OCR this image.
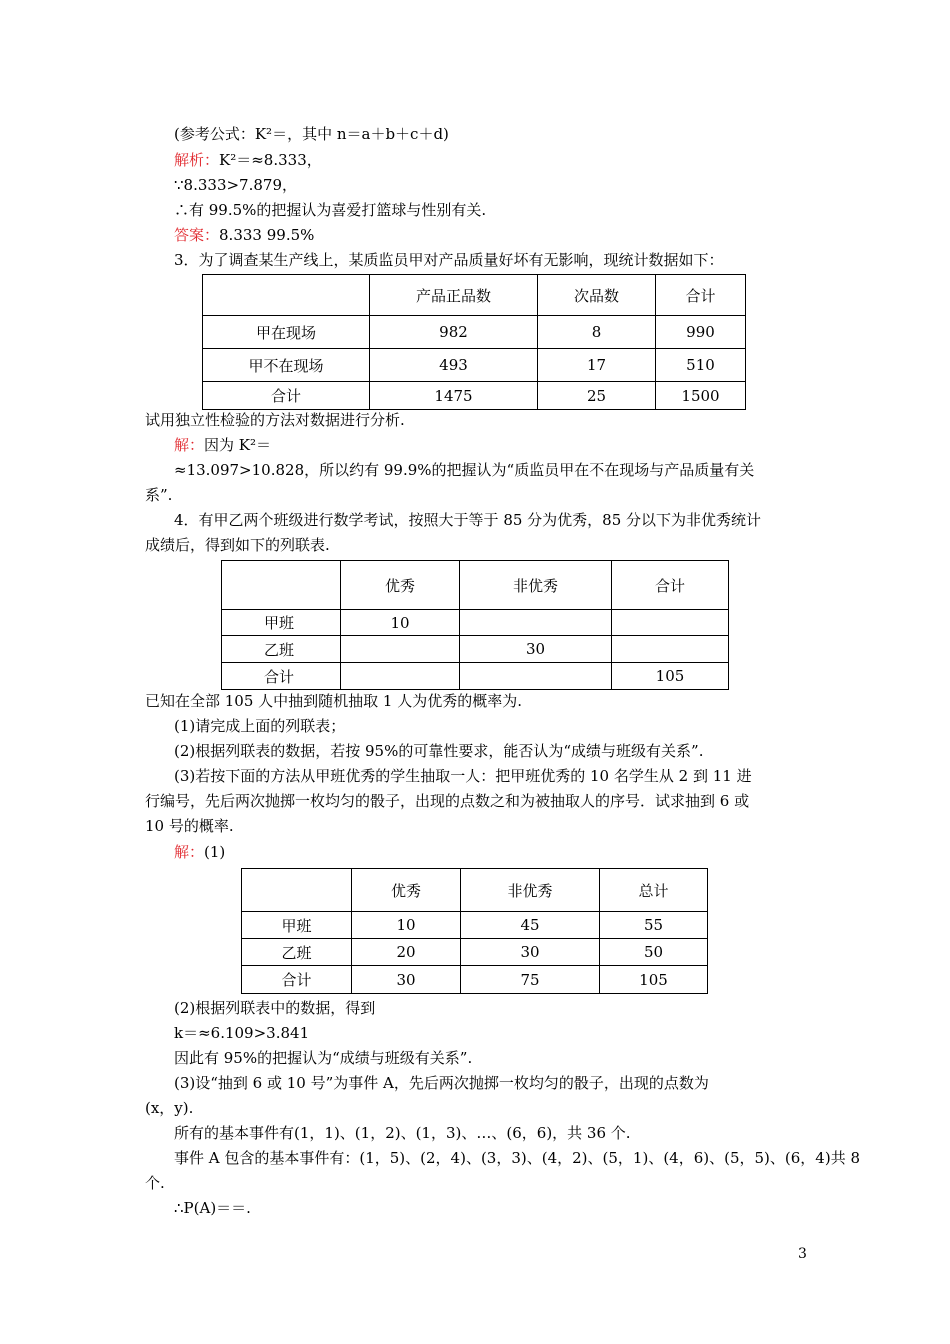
(参考公式：K²＝，其中 n＝a＋b＋c＋d)
解析：K²＝≈8.333，
∵8.333>7.879，
∴有 99.5%的把握认为喜爱打篮球与性别有关.
答案：8.333 99.5%
3．为了调查某生产线上，某质监员甲对产品质量好坏有无影响，现统计数据如下：
	产品正品数	次品数	合计
甲在现场	982	8	990
甲不在现场	493	17	510
合计	1475	25	1500
试用独立性检验的方法对数据进行分析.
解：因为 K²＝
≈13.097>10.828，所以约有 99.9%的把握认为“质监员甲在不在现场与产品质量有关
系”.
4．有甲乙两个班级进行数学考试，按照大于等于 85 分为优秀，85 分以下为非优秀统计
成绩后，得到如下的列联表.
	优秀	非优秀	合计
甲班	10		
乙班		30	
合计			105
已知在全部 105 人中抽到随机抽取 1 人为优秀的概率为.
(1)请完成上面的列联表；
(2)根据列联表的数据，若按 95%的可靠性要求，能否认为“成绩与班级有关系”.
(3)若按下面的方法从甲班优秀的学生抽取一人：把甲班优秀的 10 名学生从 2 到 11 进
行编号，先后两次抛掷一枚均匀的骰子，出现的点数之和为被抽取人的序号．试求抽到 6 或
10 号的概率.
解：(1)
	优秀	非优秀	总计
甲班	10	45	55
乙班	20	30	50
合计	30	75	105
(2)根据列联表中的数据，得到
k＝≈6.109>3.841
因此有 95%的把握认为“成绩与班级有关系”.
(3)设“抽到 6 或 10 号”为事件 A，先后两次抛掷一枚均匀的骰子，出现的点数为
(x，y).
所有的基本事件有(1，1)、(1，2)、(1，3)、…、(6，6)，共 36 个.
事件 A 包含的基本事件有：(1，5)、(2，4)、(3，3)、(4，2)、(5，1)、(4，6)、(5，5)、(6，4)共 8
个.
∴P(A)＝＝.
3
